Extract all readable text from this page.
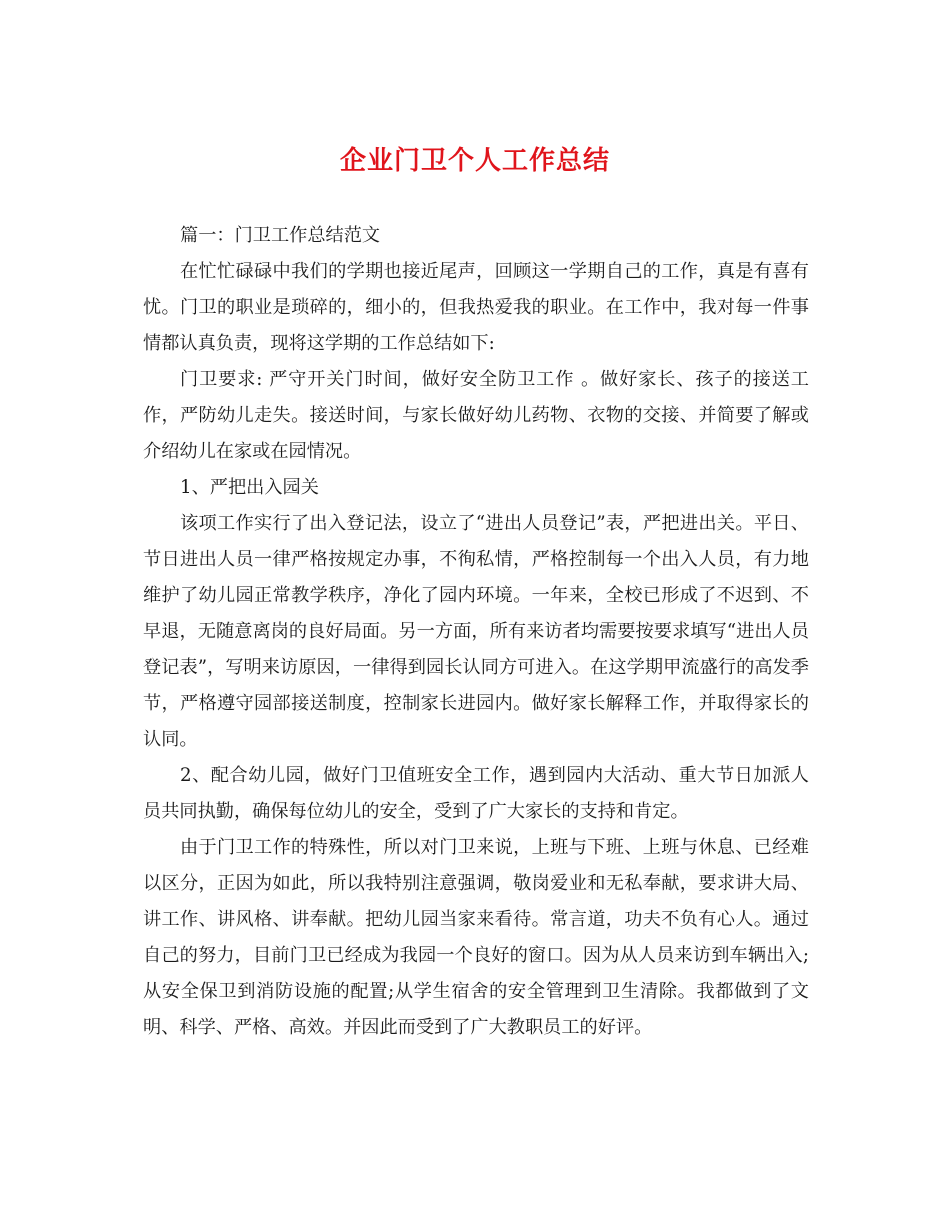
企业门卫个人工作总结

篇一：门卫工作总结范文

在忙忙碌碌中我们的学期也接近尾声，回顾这一学期自己的工作，真是有喜有忧。门卫的职业是琐碎的，细小的，但我热爱我的职业。在工作中，我对每一件事情都认真负责，现将这学期的工作总结如下:

门卫要求: 严守开关门时间，做好安全防卫工作 。做好家长、孩子的接送工作，严防幼儿走失。接送时间，与家长做好幼儿药物、衣物的交接、并简要了解或介绍幼儿在家或在园情况。

1、严把出入园关

该项工作实行了出入登记法，设立了“进出人员登记”表，严把进出关。平日、节日进出人员一律严格按规定办事，不徇私情，严格控制每一个出入人员，有力地维护了幼儿园正常教学秩序，净化了园内环境。一年来，全校已形成了不迟到、不早退，无随意离岗的良好局面。另一方面，所有来访者均需要按要求填写“进出人员登记表”，写明来访原因，一律得到园长认同方可进入。在这学期甲流盛行的高发季节，严格遵守园部接送制度，控制家长进园内。做好家长解释工作，并取得家长的认同。

2、配合幼儿园，做好门卫值班安全工作，遇到园内大活动、重大节日加派人员共同执勤，确保每位幼儿的安全，受到了广大家长的支持和肯定。

由于门卫工作的特殊性，所以对门卫来说，上班与下班、上班与休息、已经难以区分，正因为如此，所以我特别注意强调，敬岗爱业和无私奉献，要求讲大局、讲工作、讲风格、讲奉献。把幼儿园当家来看待。常言道，功夫不负有心人。通过自己的努力，目前门卫已经成为我园一个良好的窗口。因为从人员来访到车辆出入;从安全保卫到消防设施的配置;从学生宿舍的安全管理到卫生清除。我都做到了文明、科学、严格、高效。并因此而受到了广大教职员工的好评。
